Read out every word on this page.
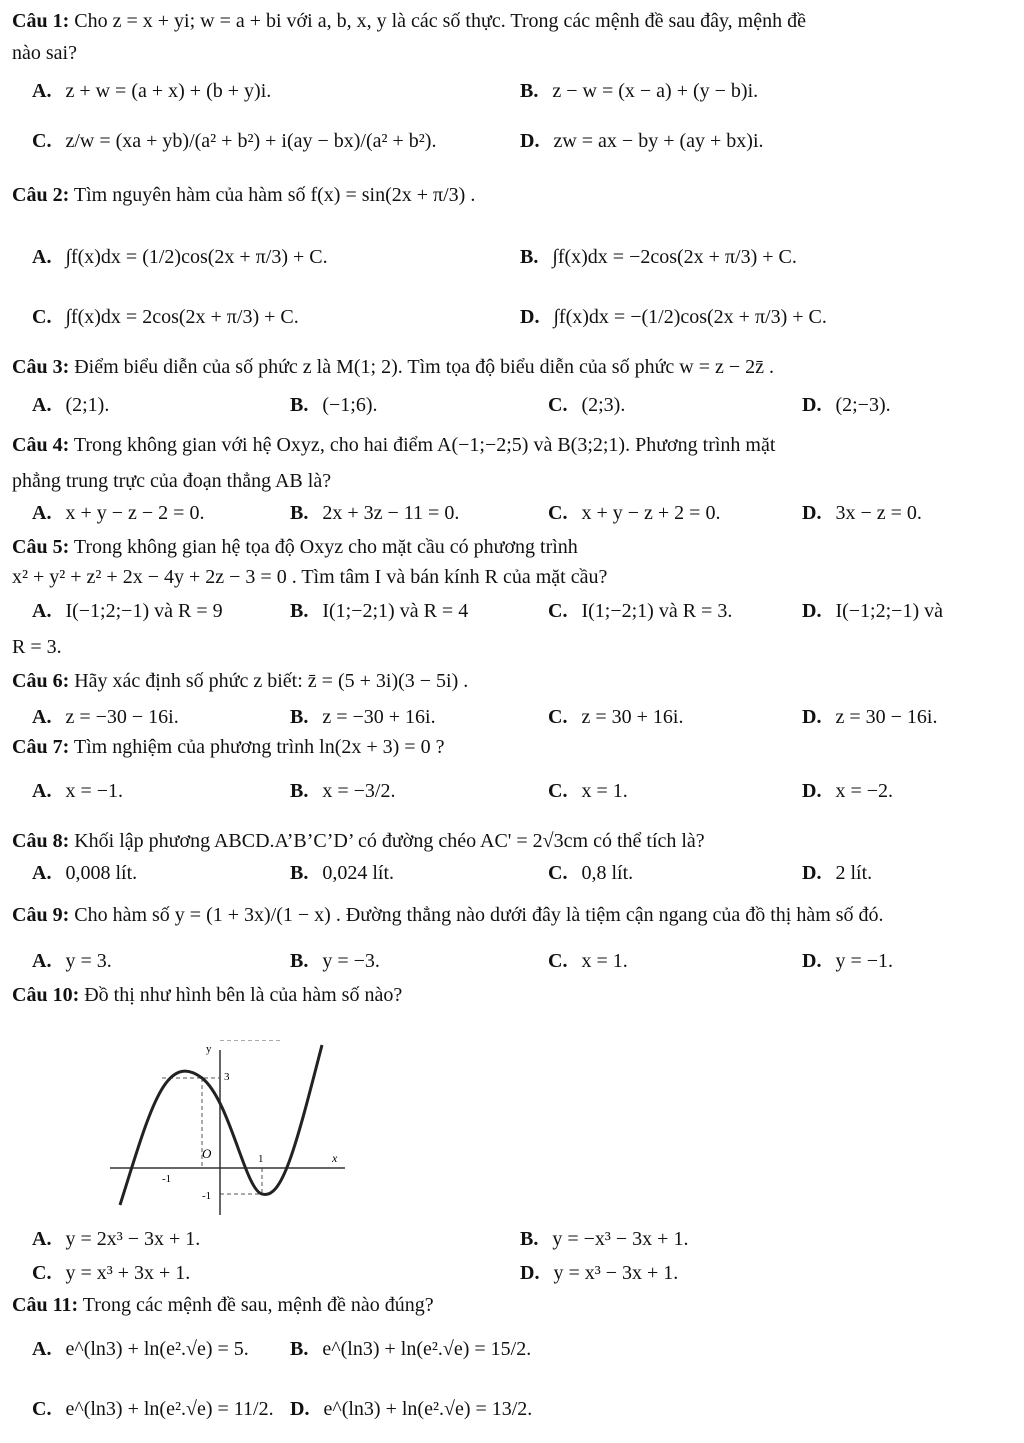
Câu 1: Cho z = x + yi; w = a + bi với a, b, x, y là các số thực. Trong các mệnh đề sau đây, mệnh đề
nào sai?
A. z + w = (a + x) + (b + y)i.	B. z − w = (x − a) + (y − b)i.
C. z/w = (xa + yb)/(a² + b²) + i(ay − bx)/(a² + b²).	D. zw = ax − by + (ay + bx)i.
Câu 2: Tìm nguyên hàm của hàm số f(x) = sin(2x + π/3) .
A. ∫f(x)dx = (1/2)cos(2x + π/3) + C.	B. ∫f(x)dx = −2cos(2x + π/3) + C.
C. ∫f(x)dx = 2cos(2x + π/3) + C.	D. ∫f(x)dx = −(1/2)cos(2x + π/3) + C.
Câu 3: Điểm biểu diễn của số phức z là M(1; 2). Tìm tọa độ biểu diễn của số phức w = z − 2z̄ .
A. (2;1).	B. (−1;6).	C. (2;3).	D. (2;−3).
Câu 4: Trong không gian với hệ Oxyz, cho hai điểm A(−1;−2;5) và B(3;2;1). Phương trình mặt
phẳng trung trực của đoạn thẳng AB là?
A. x + y − z − 2 = 0.	B. 2x + 3z − 11 = 0.	C. x + y − z + 2 = 0.	D. 3x − z = 0.
Câu 5: Trong không gian hệ tọa độ Oxyz cho mặt cầu có phương trình
x² + y² + z² + 2x − 4y + 2z − 3 = 0 . Tìm tâm I và bán kính R của mặt cầu?
A. I(−1;2;−1) và R = 9	B. I(1;−2;1) và R = 4	C. I(1;−2;1) và R = 3.	D. I(−1;2;−1) và
R = 3.
Câu 6: Hãy xác định số phức z biết: z̄ = (5 + 3i)(3 − 5i) .
A. z = −30 − 16i.	B. z = −30 + 16i.	C. z = 30 + 16i.	D. z = 30 − 16i.
Câu 7: Tìm nghiệm của phương trình ln(2x + 3) = 0 ?
A. x = −1.	B. x = −3/2.	C. x = 1.	D. x = −2.
Câu 8: Khối lập phương ABCD.A’B’C’D’ có đường chéo AC' = 2√3cm có thể tích là?
A. 0,008 lít.	B. 0,024 lít.	C. 0,8 lít.	D. 2 lít.
Câu 9: Cho hàm số y = (1 + 3x)/(1 − x) . Đường thẳng nào dưới đây là tiệm cận ngang của đồ thị hàm số đó.
A. y = 3.	B. y = −3.	C. x = 1.	D. y = −1.
Câu 10: Đồ thị như hình bên là của hàm số nào?
y
x
O
3
1
-1
-1
A. y = 2x³ − 3x + 1.	B. y = −x³ − 3x + 1.
C. y = x³ + 3x + 1.	D. y = x³ − 3x + 1.
Câu 11: Trong các mệnh đề sau, mệnh đề nào đúng?
A. e^(ln3) + ln(e².√e) = 5. B. e^(ln3) + ln(e².√e) = 15/2.
C. e^(ln3) + ln(e².√e) = 11/2. D. e^(ln3) + ln(e².√e) = 13/2.
